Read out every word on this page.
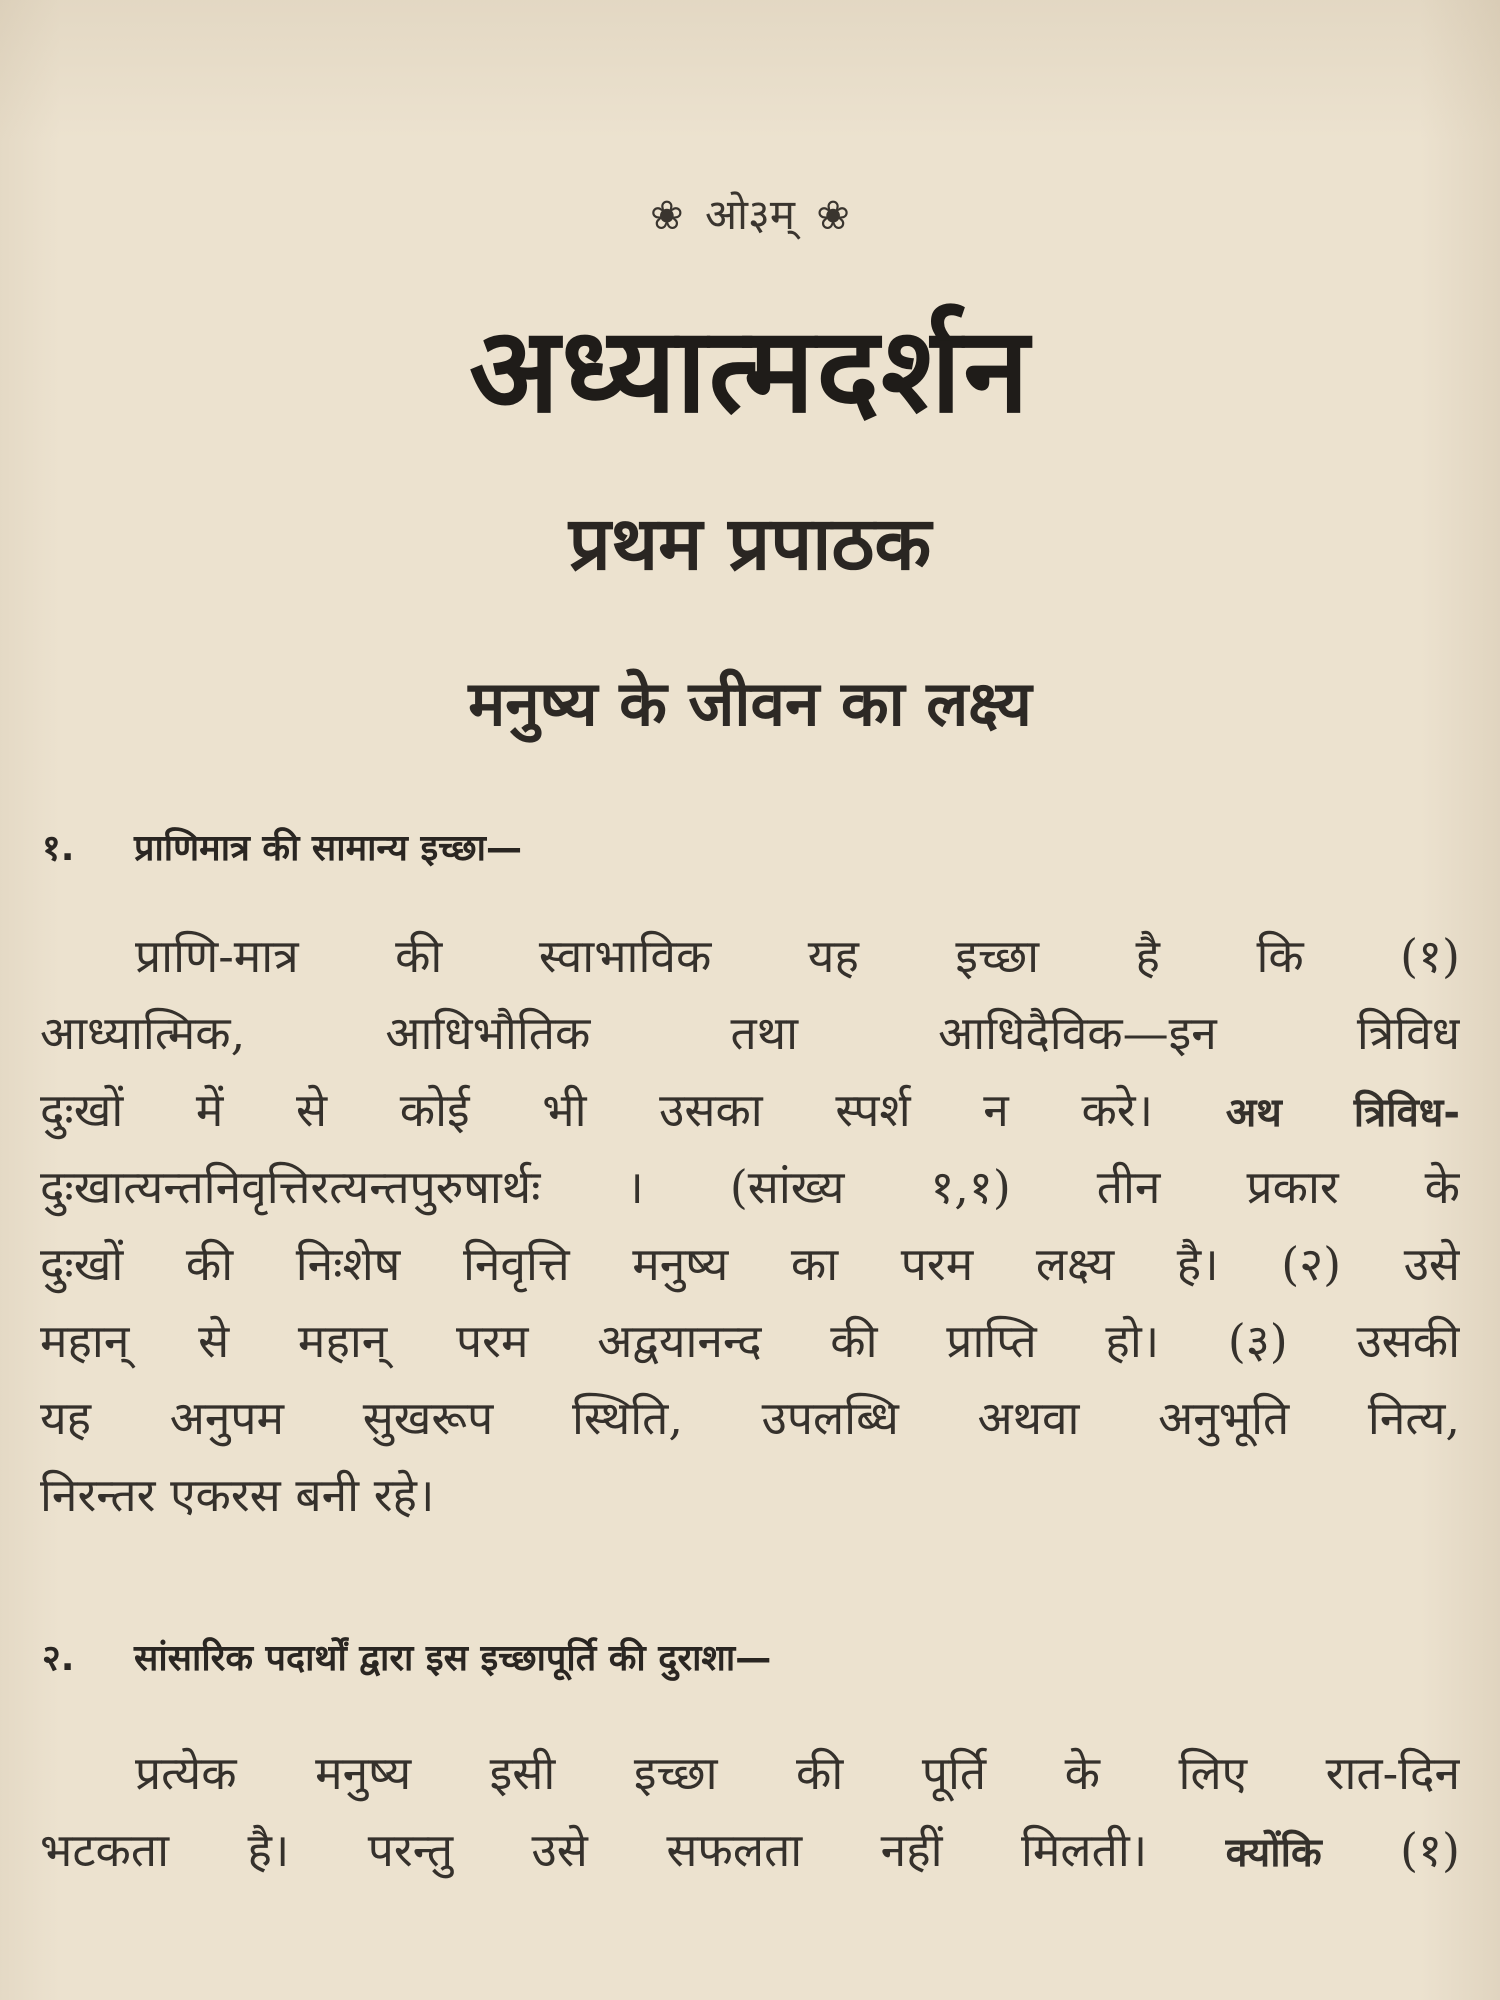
❀ ओ३म् ❀
अध्यात्मदर्शन
प्रथम प्रपाठक
मनुष्य के जीवन का लक्ष्य
१. प्राणिमात्र की सामान्य इच्छा—
प्राणि-मात्र की स्वाभाविक यह इच्छा है कि (१)
आध्यात्मिक, आधिभौतिक तथा आधिदैविक—इन त्रिविध
दुःखों में से कोई भी उसका स्पर्श न करे। अथ त्रिविध-
दुःखात्यन्तनिवृत्तिरत्यन्तपुरुषार्थः । (सांख्य १,१) तीन प्रकार के
दुःखों की निःशेष निवृत्ति मनुष्य का परम लक्ष्य है। (२) उसे
महान् से महान् परम अद्वयानन्द की प्राप्ति हो। (३) उसकी
यह अनुपम सुखरूप स्थिति, उपलब्धि अथवा अनुभूति नित्य,
निरन्तर एकरस बनी रहे।
२. सांसारिक पदार्थों द्वारा इस इच्छापूर्ति की दुराशा—
प्रत्येक मनुष्य इसी इच्छा की पूर्ति के लिए रात-दिन
भटकता है। परन्तु उसे सफलता नहीं मिलती। क्योंकि (१)
